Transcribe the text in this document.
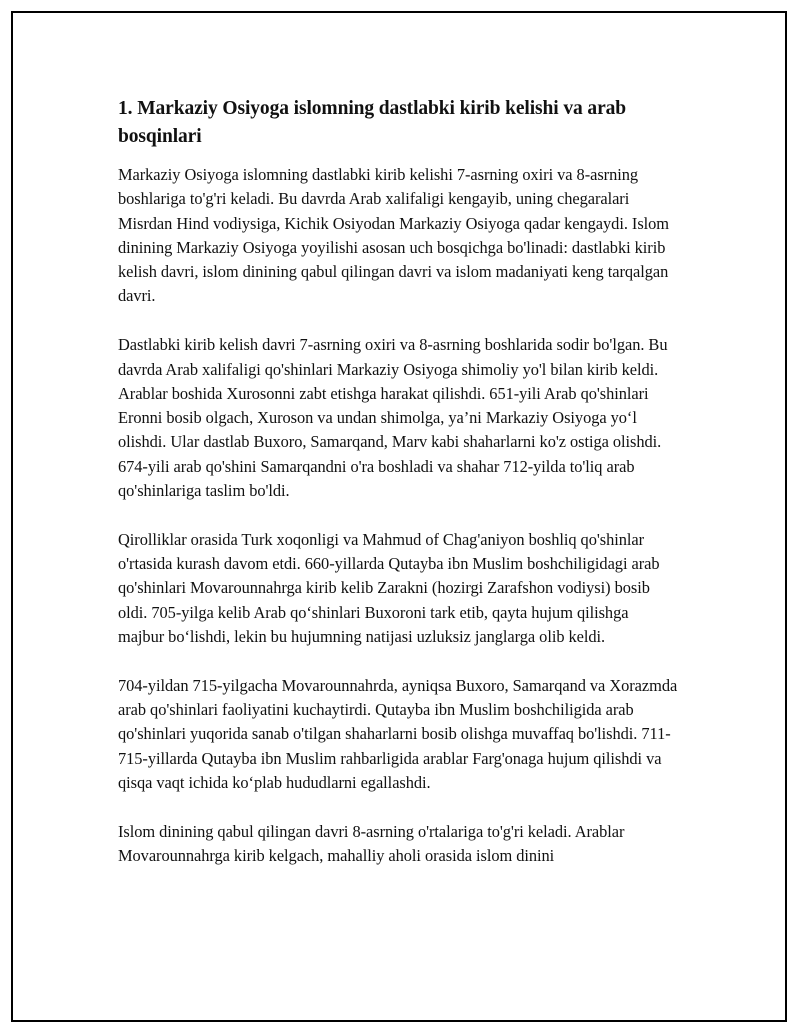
1. Markaziy Osiyoga islomning dastlabki kirib kelishi va arab bosqinlari

Markaziy Osiyoga islomning dastlabki kirib kelishi 7-asrning oxiri va 8-asrning boshlariga to'g'ri keladi. Bu davrda Arab xalifaligi kengayib, uning chegaralari Misrdan Hind vodiysiga, Kichik Osiyodan Markaziy Osiyoga qadar kengaydi. Islom dinining Markaziy Osiyoga yoyilishi asosan uch bosqichga bo'linadi: dastlabki kirib kelish davri, islom dinining qabul qilingan davri va islom madaniyati keng tarqalgan davri.

Dastlabki kirib kelish davri 7-asrning oxiri va 8-asrning boshlarida sodir bo'lgan. Bu davrda Arab xalifaligi qo'shinlari Markaziy Osiyoga shimoliy yo'l bilan kirib keldi. Arablar boshida Xurosonni zabt etishga harakat qilishdi. 651-yili Arab qo'shinlari Eronni bosib olgach, Xuroson va undan shimolga, ya’ni Markaziy Osiyoga yo‘l olishdi. Ular dastlab Buxoro, Samarqand, Marv kabi shaharlarni ko'z ostiga olishdi. 674-yili arab qo'shini Samarqandni o'ra boshladi va shahar 712-yilda to'liq arab qo'shinlariga taslim bo'ldi.

Qirolliklar orasida Turk xoqonligi va Mahmud of Chag'aniyon boshliq qo'shinlar o'rtasida kurash davom etdi. 660-yillarda Qutayba ibn Muslim boshchiligidagi arab qo'shinlari Movarounnahrga kirib kelib Zarakni (hozirgi Zarafshon vodiysi) bosib oldi. 705-yilga kelib Arab qo‘shinlari Buxoroni tark etib, qayta hujum qilishga majbur bo‘lishdi, lekin bu hujumning natijasi uzluksiz janglarga olib keldi.

704-yildan 715-yilgacha Movarounnahrda, ayniqsa Buxoro, Samarqand va Xorazmda arab qo'shinlari faoliyatini kuchaytirdi. Qutayba ibn Muslim boshchiligida arab qo'shinlari yuqorida sanab o'tilgan shaharlarni bosib olishga muvaffaq bo'lishdi. 711-715-yillarda Qutayba ibn Muslim rahbarligida arablar Farg'onaga hujum qilishdi va qisqa vaqt ichida ko‘plab hududlarni egallashdi.

Islom dinining qabul qilingan davri 8-asrning o'rtalariga to'g'ri keladi. Arablar Movarounnahrga kirib kelgach, mahalliy aholi orasida islom dinini
